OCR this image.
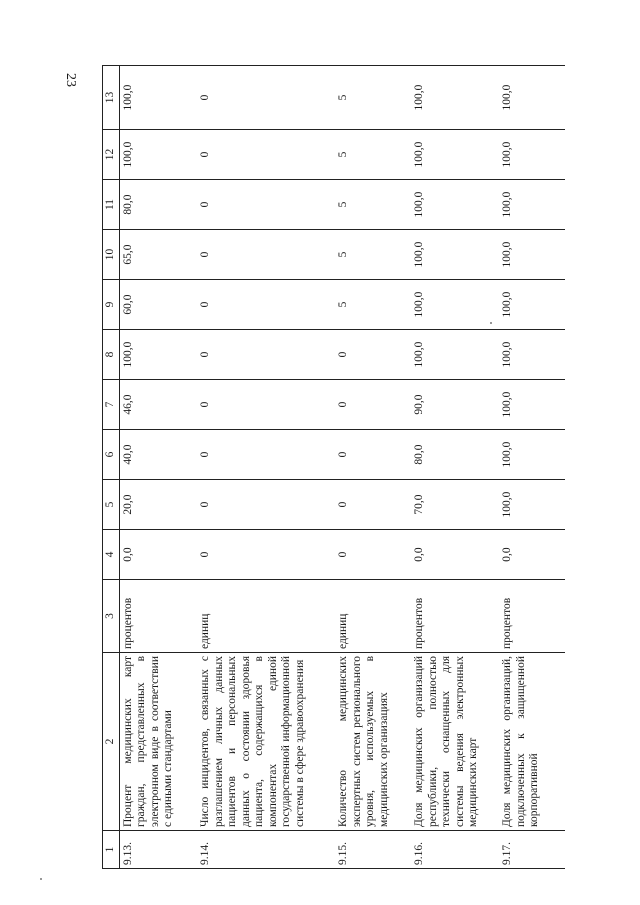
23
1	2	3	4	5	6	7	8	9	10	11	12	13
9.13.	Процент медицинских карт граждан, представленных в электронном виде в соответствии с едиными стандартами	процентов	0,0	20,0	40,0	46,0	100,0	60,0	65,0	80,0	100,0	100,0
9.14.	Число инцидентов, связанных с разглашением личных данных пациентов и персональных данных о состоянии здоровья пациента, содержащихся в компонентах единой государственной информационной системы в сфере здравоохранения	единиц	0	0	0	0	0	0	0	0	0	0
9.15.	Количество медицинских экспертных систем регионального уровня, используемых в медицинских организациях	единиц	0	0	0	0	0	5	5	5	5	5
9.16.	Доля медицинских организаций республики, полностью технически оснащенных для системы ведения электронных медицинских карт	процентов	0,0	70,0	80,0	90,0	100,0	100,0	100,0	100,0	100,0	100,0
9.17.	Доля медицинских организаций, подключенных к защищенной корпоративной	процентов	0,0	100,0	100,0	100,0	100,0	100,0	100,0	100,0	100,0	100,0
